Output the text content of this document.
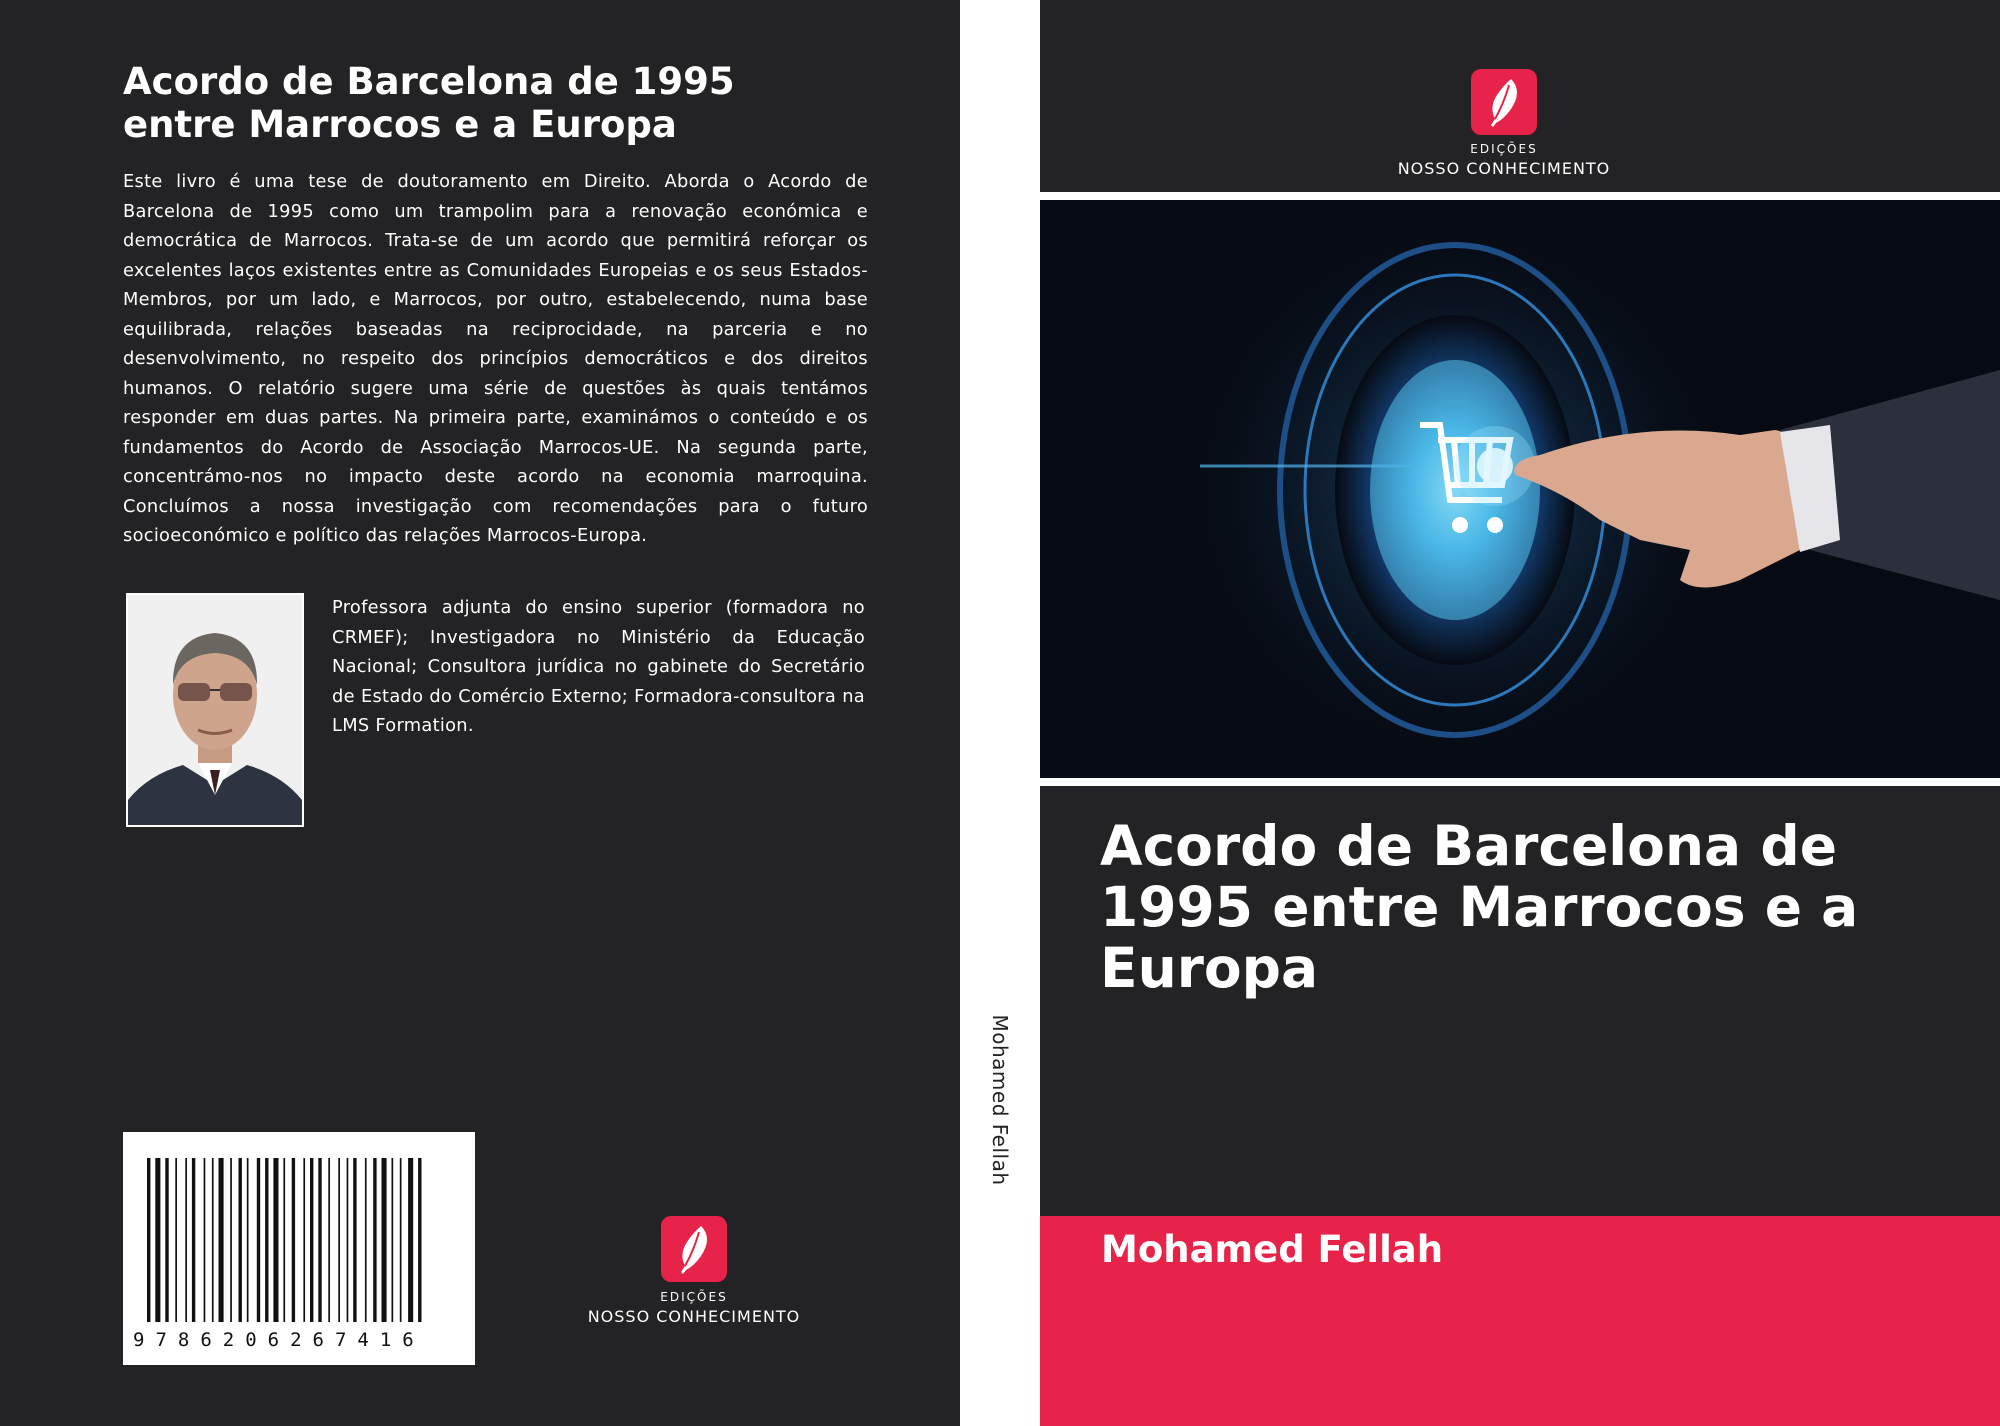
Acordo de Barcelona de 1995 entre Marrocos e a Europa

Este livro é uma tese de doutoramento em Direito. Aborda o Acordo de Barcelona de 1995 como um trampolim para a renovação económica e democrática de Marrocos. Trata-se de um acordo que permitirá reforçar os excelentes laços existentes entre as Comunidades Europeias e os seus Estados-Membros, por um lado, e Marrocos, por outro, estabelecendo, numa base equilibrada, relações baseadas na reciprocidade, na parceria e no desenvolvimento, no respeito dos princípios democráticos e dos direitos humanos. O relatório sugere uma série de questões às quais tentámos responder em duas partes. Na primeira parte, examinámos o conteúdo e os fundamentos do Acordo de Associação Marrocos-UE. Na segunda parte, concentrámo-nos no impacto deste acordo na economia marroquina. Concluímos a nossa investigação com recomendações para o futuro socioeconómico e político das relações Marrocos-Europa.

Professora adjunta do ensino superior (formadora no CRMEF); Investigadora no Ministério da Educação Nacional; Consultora jurídica no gabinete do Secretário de Estado do Comércio Externo; Formadora-consultora na LMS Formation.

9786206267416
EDIÇÕES
NOSSO CONHECIMENTO
Mohamed Fellah
EDIÇÕES
NOSSO CONHECIMENTO
Acordo de Barcelona de 1995 entre Marrocos e a Europa
Mohamed Fellah
